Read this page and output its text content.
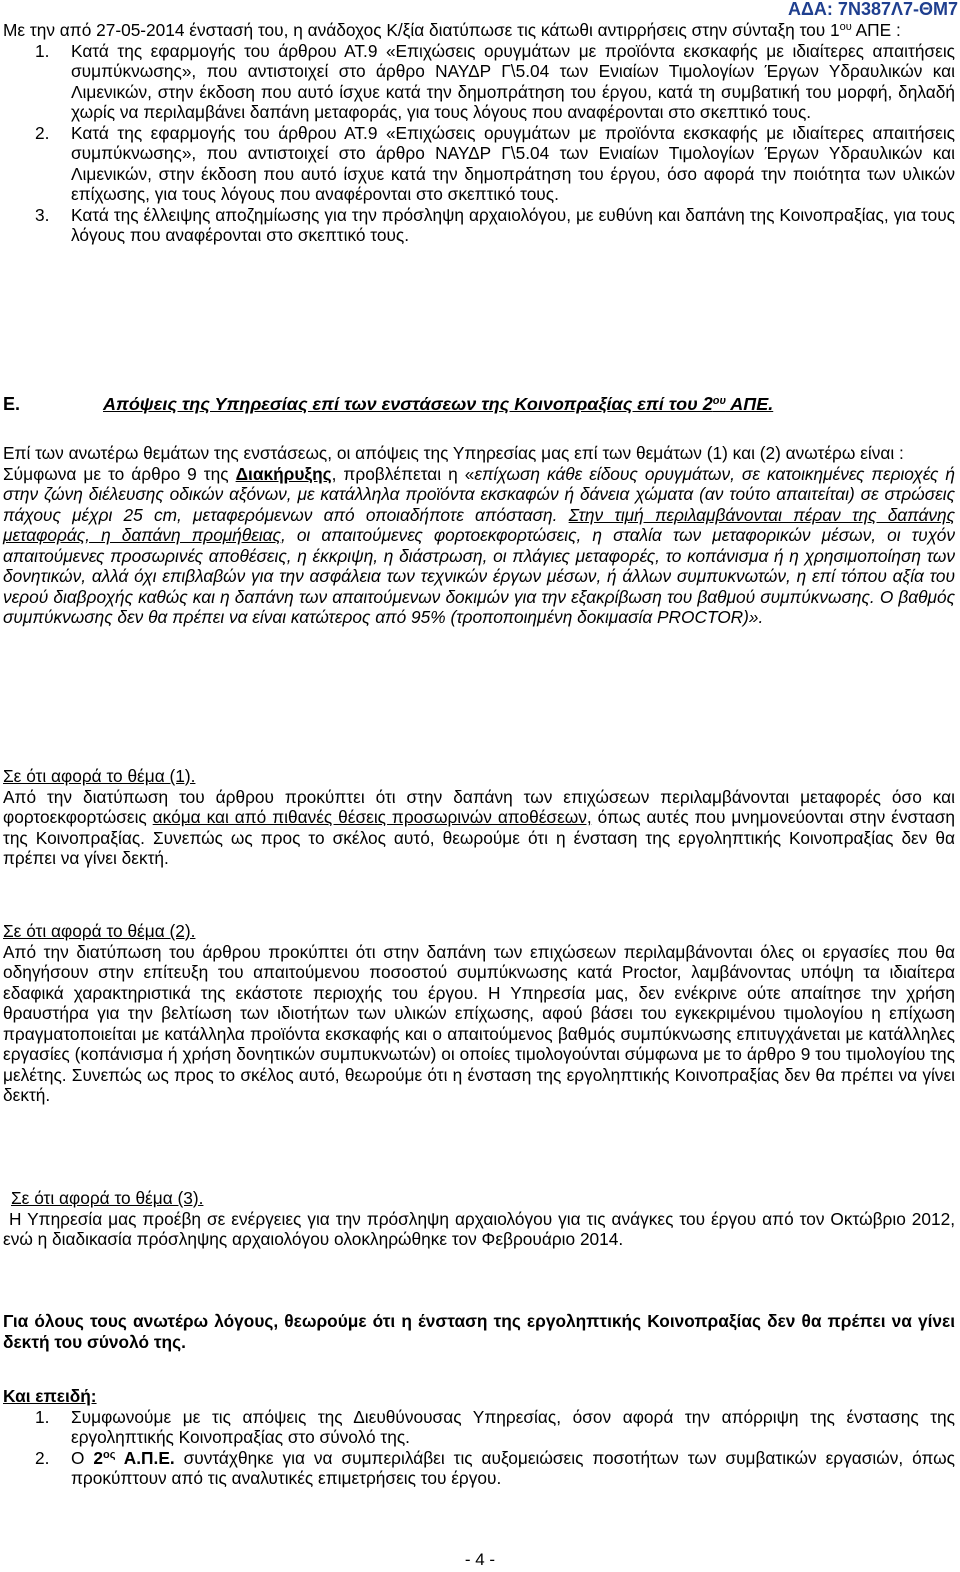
ΑΔΑ: 7Ν387Λ7-ΘΜ7

Με την από 27-05-2014 ένστασή του, η ανάδοχος Κ/ξία διατύπωσε τις κάτωθι αντιρρήσεις στην σύνταξη του $1^{o\upsilon}$ ΑΠΕ :

1.	Κατά της εφαρμογής του άρθρου ΑΤ.9 «Επιχώσεις ορυγμάτων με προϊόντα εκσκαφής με ιδιαίτερες απαιτήσεις συμπύκνωσης», που αντιστοιχεί στο άρθρο ΝΑΥΔΡ Γ\5.04 των Ενιαίων Τιμολογίων Έργων Υδραυλικών και Λιμενικών, στην έκδοση που αυτό ίσχυε κατά την δημοπράτηση του έργου, κατά τη συμβατική του μορφή, δηλαδή χωρίς να περιλαμβάνει δαπάνη μεταφοράς, για τους λόγους που αναφέρονται στο σκεπτικό τους.
2.	Κατά της εφαρμογής του άρθρου ΑΤ.9 «Επιχώσεις ορυγμάτων με προϊόντα εκσκαφής με ιδιαίτερες απαιτήσεις συμπύκνωσης», που αντιστοιχεί στο άρθρο ΝΑΥΔΡ Γ\5.04 των Ενιαίων Τιμολογίων Έργων Υδραυλικών και Λιμενικών, στην έκδοση που αυτό ίσχυε κατά την δημοπράτηση του έργου, όσο αφορά την ποιότητα των υλικών επίχωσης, για τους λόγους που αναφέρονται στο σκεπτικό τους.
3.	Κατά της έλλειψης αποζημίωσης για την πρόσληψη αρχαιολόγου, με ευθύνη και δαπάνη της Κοινοπραξίας, για τους λόγους που αναφέρονται στο σκεπτικό τους.
Ε.	Απόψεις της Υπηρεσίας επί των ενστάσεων της Κοινοπραξίας επί του $2^{o\upsilon}$ ΑΠΕ.

Επί των ανωτέρω θεμάτων της ενστάσεως, οι απόψεις της Υπηρεσίας μας επί των θεμάτων (1) και (2) ανωτέρω είναι :

Σύμφωνα με το άρθρο 9 της Διακήρυξης, προβλέπεται η «επίχωση κάθε είδους ορυγμάτων, σε κατοικημένες περιοχές ή στην ζώνη διέλευσης οδικών αξόνων, με κατάλληλα προϊόντα εκσκαφών ή δάνεια χώματα (αν τούτο απαιτείται) σε στρώσεις πάχους μέχρι 25 cm, μεταφερόμενων από οποιαδήποτε απόσταση. Στην τιμή περιλαμβάνονται πέραν της δαπάνης μεταφοράς, η δαπάνη προμήθειας, οι απαιτούμενες φορτοεκφορτώσεις, η σταλία των μεταφορικών μέσων, οι τυχόν απαιτούμενες προσωρινές αποθέσεις, η έκκριψη, η διάστρωση, οι πλάγιες μεταφορές, το κοπάνισμα ή η χρησιμοποίηση των δονητικών, αλλά όχι επιβλαβών για την ασφάλεια των τεχνικών έργων μέσων, ή άλλων συμπυκνωτών, η επί τόπου αξία του νερού διαβροχής καθώς και η δαπάνη των απαιτούμενων δοκιμών για την εξακρίβωση του βαθμού συμπύκνωσης. Ο βαθμός συμπύκνωσης δεν θα πρέπει να είναι κατώτερος από 95% (τροποποιημένη δοκιμασία PROCTOR)».

Σε ότι αφορά το θέμα (1).

Από την διατύπωση του άρθρου προκύπτει ότι στην δαπάνη των επιχώσεων περιλαμβάνονται μεταφορές όσο και φορτοεκφορτώσεις ακόμα και από πιθανές θέσεις προσωρινών αποθέσεων, όπως αυτές που μνημονεύονται στην ένσταση της Κοινοπραξίας. Συνεπώς ως προς το σκέλος αυτό, θεωρούμε ότι η ένσταση της εργοληπτικής Κοινοπραξίας δεν θα πρέπει να γίνει δεκτή.

Σε ότι αφορά το θέμα (2).

Από την διατύπωση του άρθρου προκύπτει ότι στην δαπάνη των επιχώσεων περιλαμβάνονται όλες οι εργασίες που θα οδηγήσουν στην επίτευξη του απαιτούμενου ποσοστού συμπύκνωσης κατά Proctor, λαμβάνοντας υπόψη τα ιδιαίτερα εδαφικά χαρακτηριστικά της εκάστοτε περιοχής του έργου. Η Υπηρεσία μας, δεν ενέκρινε ούτε απαίτησε την χρήση θραυστήρα για την βελτίωση των ιδιοτήτων των υλικών επίχωσης, αφού βάσει του εγκεκριμένου τιμολογίου η επίχωση πραγματοποιείται με κατάλληλα προϊόντα εκσκαφής και ο απαιτούμενος βαθμός συμπύκνωσης επιτυγχάνεται με κατάλληλες εργασίες (κοπάνισμα ή χρήση δονητικών συμπυκνωτών) οι οποίες τιμολογούνται σύμφωνα με το άρθρο 9 του τιμολογίου της μελέτης. Συνεπώς ως προς το σκέλος αυτό, θεωρούμε ότι η ένσταση της εργοληπτικής Κοινοπραξίας δεν θα πρέπει να γίνει δεκτή.

Σε ότι αφορά το θέμα (3).

Η Υπηρεσία μας προέβη σε ενέργειες για την πρόσληψη αρχαιολόγου για τις ανάγκες του έργου από τον Οκτώβριο 2012, ενώ η διαδικασία πρόσληψης αρχαιολόγου ολοκληρώθηκε τον Φεβρουάριο 2014.

Για όλους τους ανωτέρω λόγους, θεωρούμε ότι η ένσταση της εργοληπτικής Κοινοπραξίας δεν θα πρέπει να γίνει δεκτή του σύνολό της.

Και επειδή:

1.	Συμφωνούμε με τις απόψεις της Διευθύνουσας Υπηρεσίας, όσον αφορά την απόρριψη της ένστασης της εργοληπτικής Κοινοπραξίας στο σύνολό της.
2.	Ο $2^{o\varsigma}$ Α.Π.Ε. συντάχθηκε για να συμπεριλάβει τις αυξομειώσεις ποσοτήτων των συμβατικών εργασιών, όπως προκύπτουν από τις αναλυτικές επιμετρήσεις του έργου.
- 4 -
